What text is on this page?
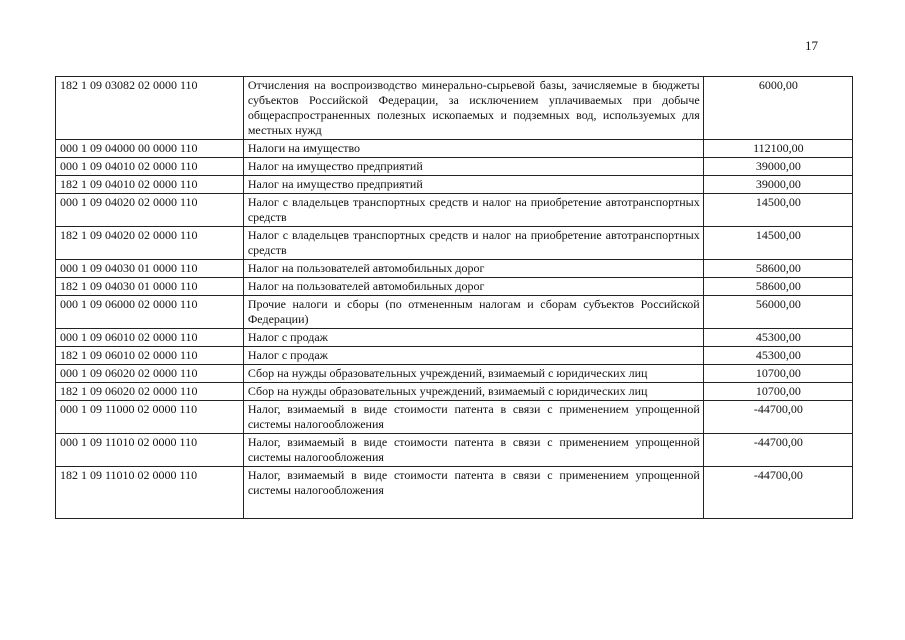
17
182 1 09 03082 02 0000 110	Отчисления на воспроизводство минерально-сырьевой базы, зачисляемые в бюджеты субъектов Российской Федерации, за исключением уплачиваемых при добыче общераспространенных полезных ископаемых и подземных вод, используемых для местных нужд	6000,00
000 1 09 04000 00 0000 110	Налоги на имущество	112100,00
000 1 09 04010 02 0000 110	Налог на имущество предприятий	39000,00
182 1 09 04010 02 0000 110	Налог на имущество предприятий	39000,00
000 1 09 04020 02 0000 110	Налог с владельцев транспортных средств и налог на приобретение автотранспортных средств	14500,00
182 1 09 04020 02 0000 110	Налог с владельцев транспортных средств и налог на приобретение автотранспортных средств	14500,00
000 1 09 04030 01 0000 110	Налог на пользователей автомобильных дорог	58600,00
182 1 09 04030 01 0000 110	Налог на пользователей автомобильных дорог	58600,00
000 1 09 06000 02 0000 110	Прочие налоги и сборы (по отмененным налогам и сборам субъектов Российской Федерации)	56000,00
000 1 09 06010 02 0000 110	Налог с продаж	45300,00
182 1 09 06010 02 0000 110	Налог с продаж	45300,00
000 1 09 06020 02 0000 110	Сбор на нужды образовательных учреждений, взимаемый с юридических лиц	10700,00
182 1 09 06020 02 0000 110	Сбор на нужды образовательных учреждений, взимаемый с юридических лиц	10700,00
000 1 09 11000 02 0000 110	Налог, взимаемый в виде стоимости патента в связи с применением упрощенной системы налогообложения	-44700,00
000 1 09 11010 02 0000 110	Налог, взимаемый в виде стоимости патента в связи с применением упрощенной системы налогообложения	-44700,00
182 1 09 11010 02 0000 110	Налог, взимаемый в виде стоимости патента в связи с применением упрощенной системы налогообложения	-44700,00
